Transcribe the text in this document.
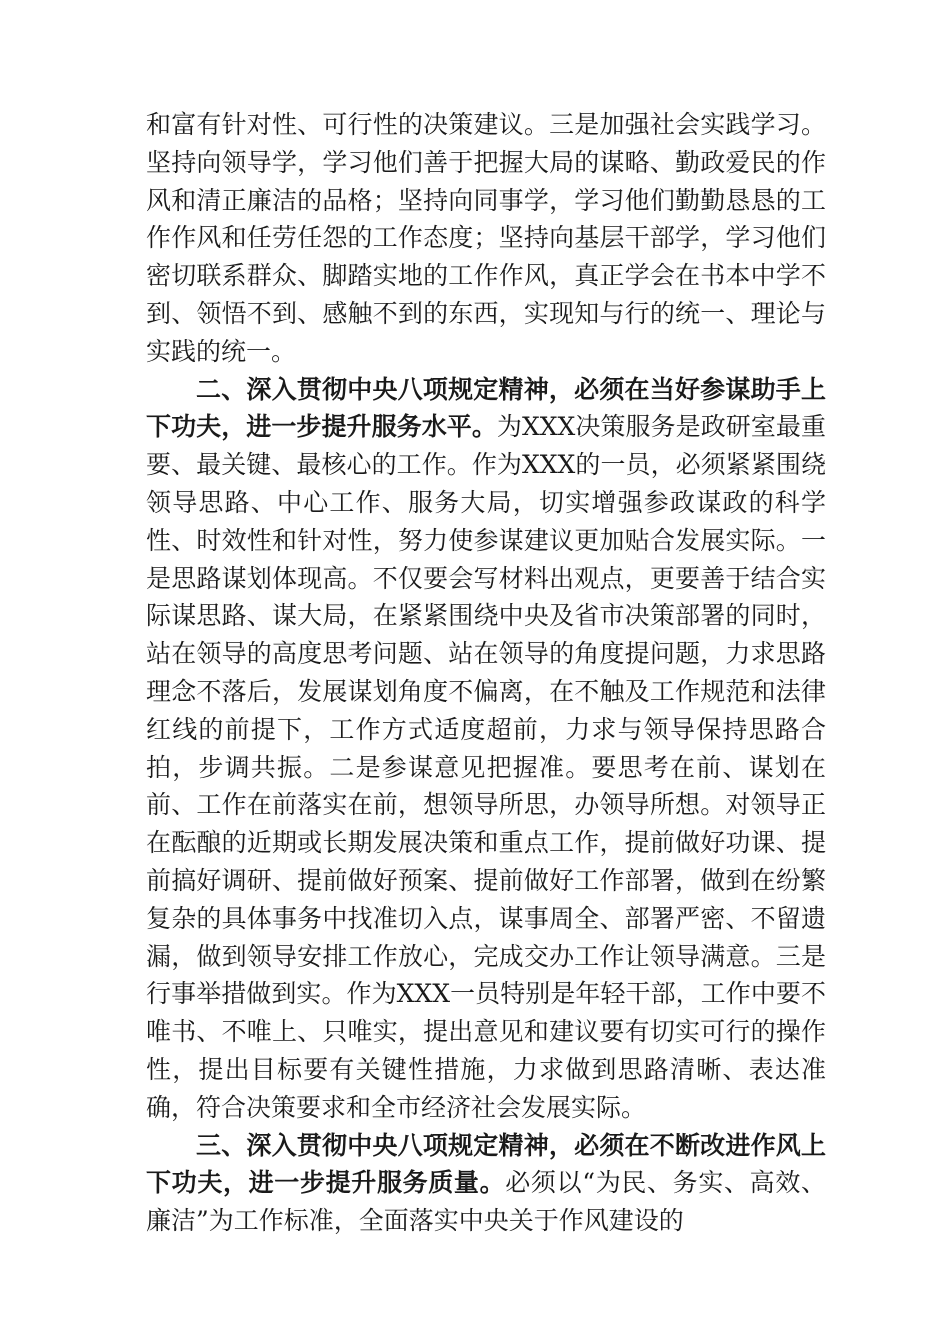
和富有针对性、可行性的决策建议。三是加强社会实践学习。坚持向领导学，学习他们善于把握大局的谋略、勤政爱民的作风和清正廉洁的品格；坚持向同事学，学习他们勤勤恳恳的工作作风和任劳任怨的工作态度；坚持向基层干部学，学习他们密切联系群众、脚踏实地的工作作风，真正学会在书本中学不到、领悟不到、感触不到的东西，实现知与行的统一、理论与实践的统一。

二、深入贯彻中央八项规定精神，必须在当好参谋助手上下功夫，进一步提升服务水平。为XXX决策服务是政研室最重要、最关键、最核心的工作。作为XXX的一员，必须紧紧围绕领导思路、中心工作、服务大局，切实增强参政谋政的科学性、时效性和针对性，努力使参谋建议更加贴合发展实际。一是思路谋划体现高。不仅要会写材料出观点，更要善于结合实际谋思路、谋大局，在紧紧围绕中央及省市决策部署的同时，站在领导的高度思考问题、站在领导的角度提问题，力求思路理念不落后，发展谋划角度不偏离，在不触及工作规范和法律红线的前提下，工作方式适度超前，力求与领导保持思路合拍，步调共振。二是参谋意见把握准。要思考在前、谋划在前、工作在前落实在前，想领导所思，办领导所想。对领导正在酝酿的近期或长期发展决策和重点工作，提前做好功课、提前搞好调研、提前做好预案、提前做好工作部署，做到在纷繁复杂的具体事务中找准切入点，谋事周全、部署严密、不留遗漏，做到领导安排工作放心，完成交办工作让领导满意。三是行事举措做到实。作为XXX一员特别是年轻干部，工作中要不唯书、不唯上、只唯实，提出意见和建议要有切实可行的操作性，提出目标要有关键性措施，力求做到思路清晰、表达准确，符合决策要求和全市经济社会发展实际。

三、深入贯彻中央八项规定精神，必须在不断改进作风上下功夫，进一步提升服务质量。必须以“为民、务实、高效、廉洁”为工作标准，全面落实中央关于作风建设的
